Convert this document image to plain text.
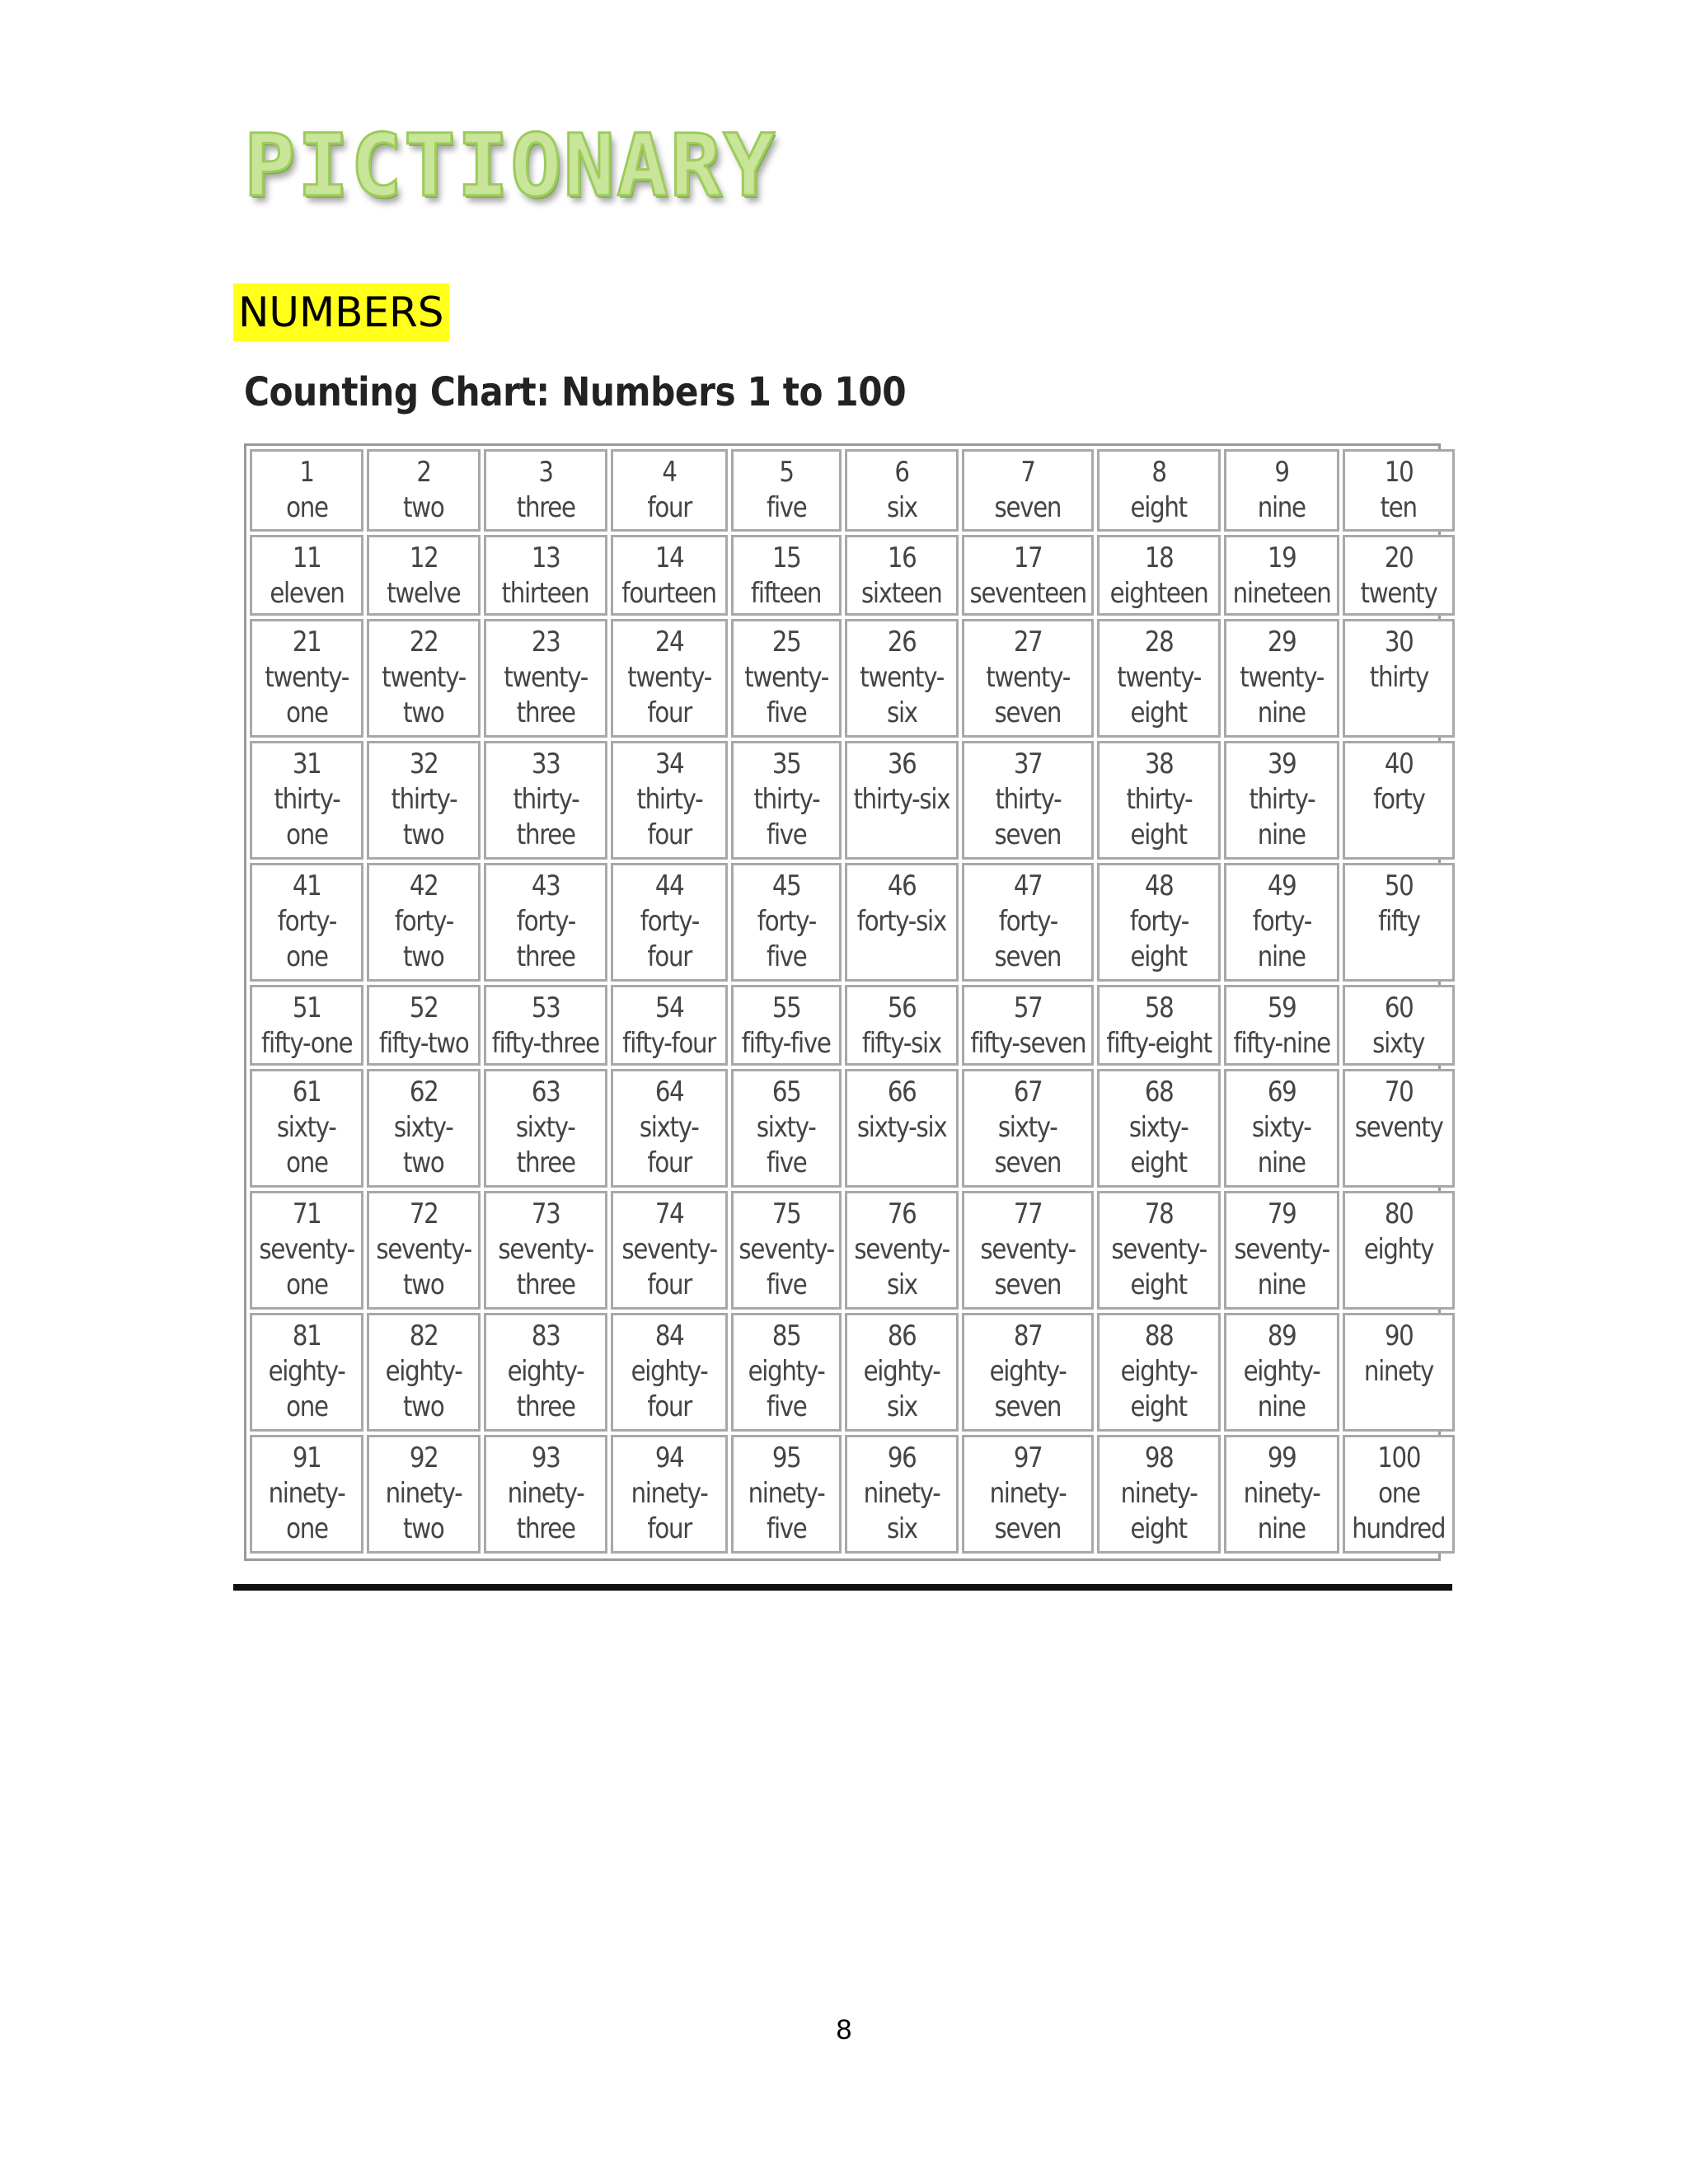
PICTIONARY
NUMBERS
Counting Chart: Numbers 1 to 100
1
one
2
two
3
three
4
four
5
five
6
six
7
seven
8
eight
9
nine
10
ten
11
eleven
12
twelve
13
thirteen
14
fourteen
15
fifteen
16
sixteen
17
seventeen
18
eighteen
19
nineteen
20
twenty
21
twenty-
one
22
twenty-
two
23
twenty-
three
24
twenty-
four
25
twenty-
five
26
twenty-
six
27
twenty-
seven
28
twenty-
eight
29
twenty-
nine
30
thirty
31
thirty-
one
32
thirty-
two
33
thirty-
three
34
thirty-
four
35
thirty-
five
36
thirty-six
37
thirty-
seven
38
thirty-
eight
39
thirty-
nine
40
forty
41
forty-
one
42
forty-
two
43
forty-
three
44
forty-
four
45
forty-
five
46
forty-six
47
forty-
seven
48
forty-
eight
49
forty-
nine
50
fifty
51
fifty-one
52
fifty-two
53
fifty-three
54
fifty-four
55
fifty-five
56
fifty-six
57
fifty-seven
58
fifty-eight
59
fifty-nine
60
sixty
61
sixty-
one
62
sixty-
two
63
sixty-
three
64
sixty-
four
65
sixty-
five
66
sixty-six
67
sixty-
seven
68
sixty-
eight
69
sixty-
nine
70
seventy
71
seventy-
one
72
seventy-
two
73
seventy-
three
74
seventy-
four
75
seventy-
five
76
seventy-
six
77
seventy-
seven
78
seventy-
eight
79
seventy-
nine
80
eighty
81
eighty-
one
82
eighty-
two
83
eighty-
three
84
eighty-
four
85
eighty-
five
86
eighty-
six
87
eighty-
seven
88
eighty-
eight
89
eighty-
nine
90
ninety
91
ninety-
one
92
ninety-
two
93
ninety-
three
94
ninety-
four
95
ninety-
five
96
ninety-
six
97
ninety-
seven
98
ninety-
eight
99
ninety-
nine
100
one
hundred
8
